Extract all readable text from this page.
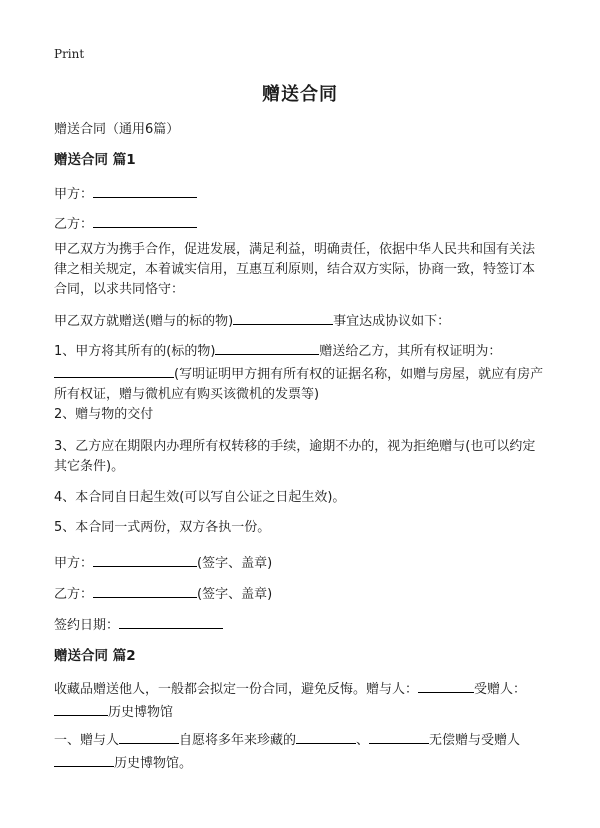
Print
赠送合同

赠送合同（通用6篇）

赠送合同 篇1

甲方：

乙方：

甲乙双方为携手合作，促进发展，满足利益，明确责任，依据中华人民共和国有关法律之相关规定，本着诚实信用，互惠互利原则，结合双方实际，协商一致，特签订本合同，以求共同恪守：

甲乙双方就赠送(赠与的标的物)	事宜达成协议如下：

1、甲方将其所有的(标的物)	赠送给乙方，其所有权证明为：(写明证明甲方拥有所有权的证据名称，如赠与房屋，就应有房产所有权证，赠与微机应有购买该微机的发票等)

2、赠与物的交付

3、乙方应在期限内办理所有权转移的手续，逾期不办的，视为拒绝赠与(也可以约定其它条件)。

4、本合同自日起生效(可以写自公证之日起生效)。

5、本合同一式两份，双方各执一份。

甲方：	(签字、盖章)

乙方：	(签字、盖章)

签约日期：

赠送合同 篇2

收藏品赠送他人，一般都会拟定一份合同，避免反悔。赠与人：	受赠人：历史博物馆

一、赠与人	自愿将多年来珍藏的	、	无偿赠与受赠人历史博物馆。
